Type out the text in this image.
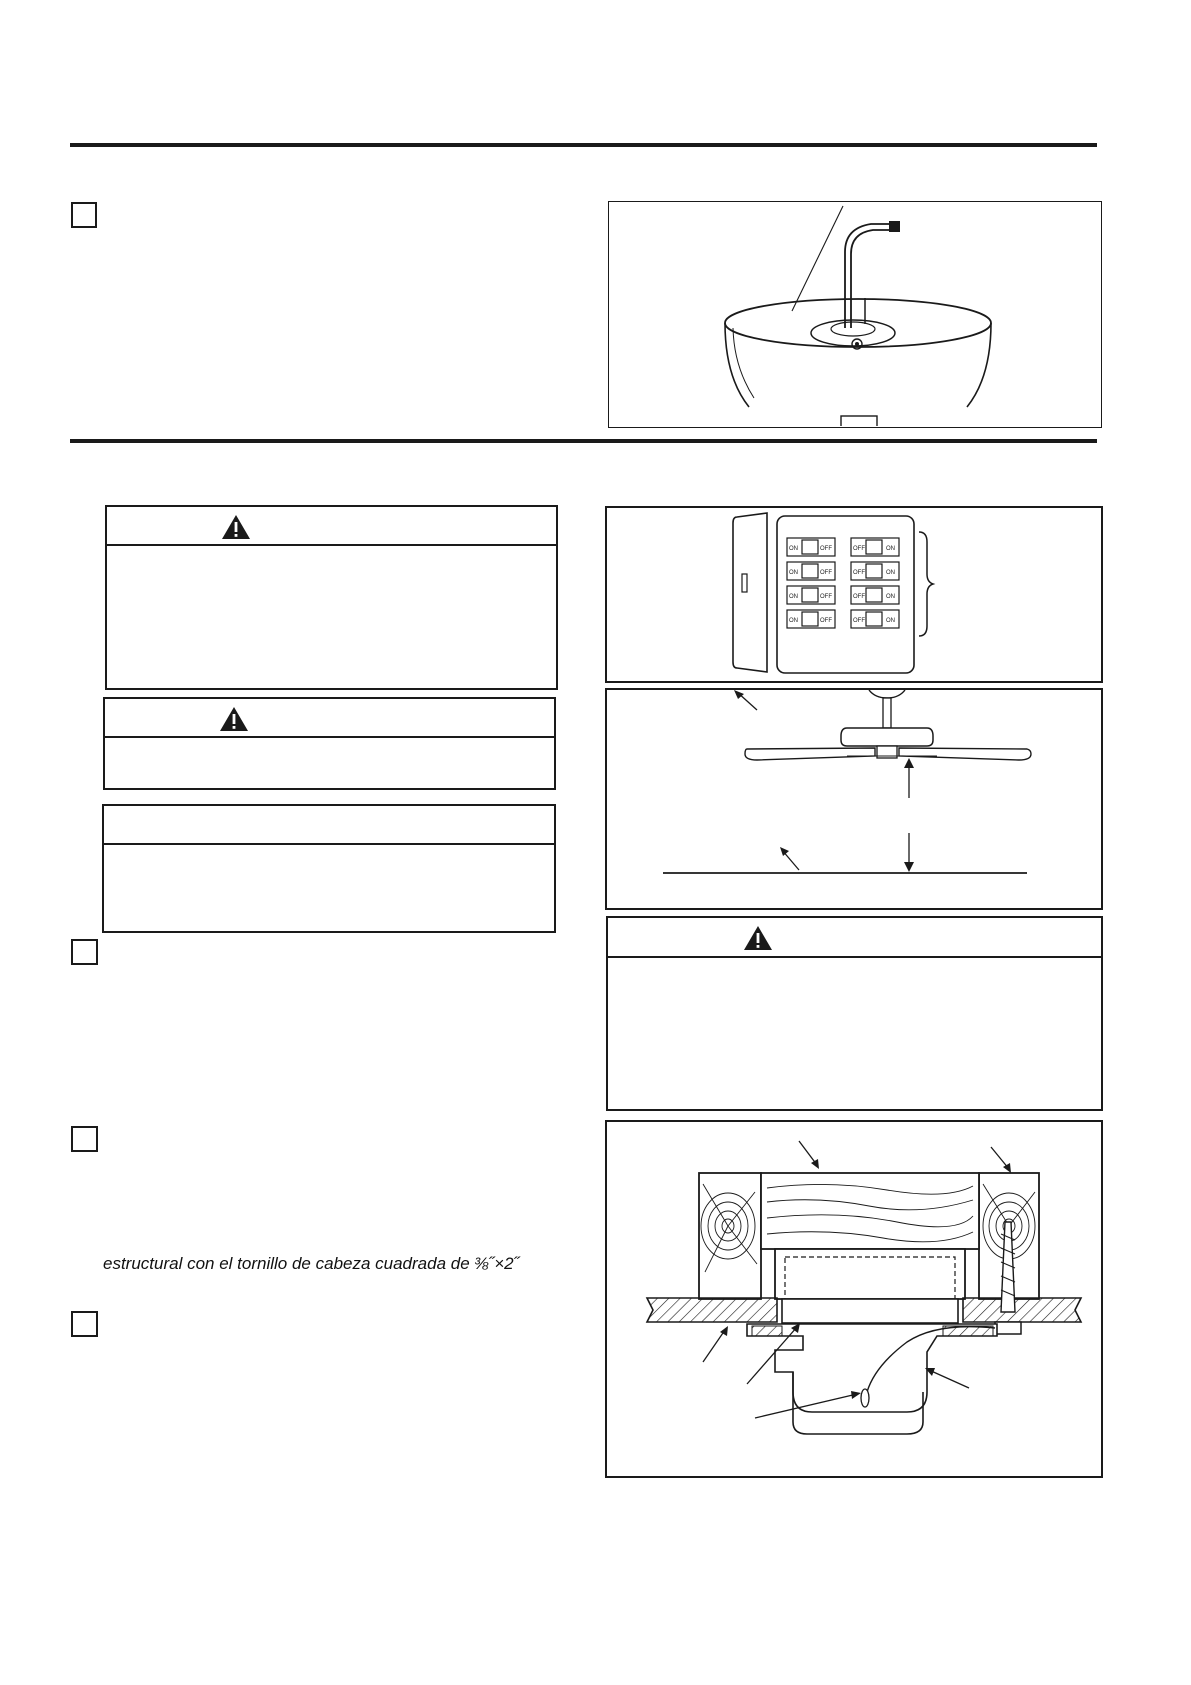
ON	OFF
ON	OFF
ON	OFF
ON	OFF
OFF	ON
OFF	ON
OFF	ON
OFF	ON
estructural con el tornillo de cabeza cuadrada de ⅜˝×2˝
